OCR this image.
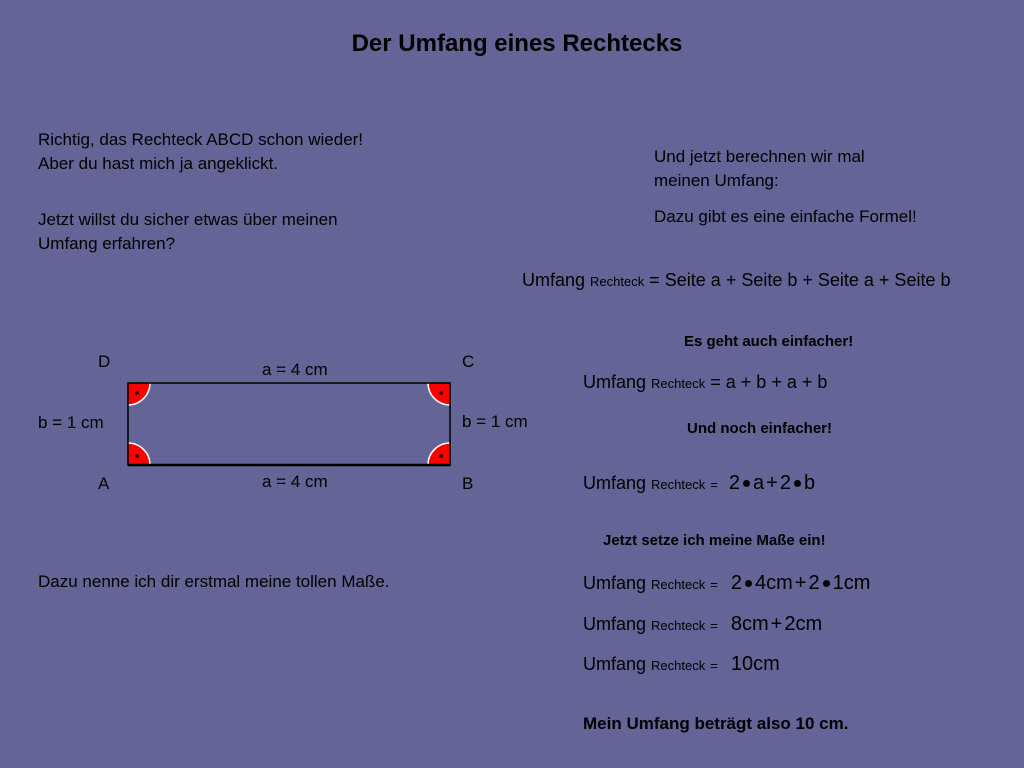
Der Umfang eines Rechtecks
Richtig, das Rechteck ABCD schon wieder!
Aber du hast mich ja angeklickt.
Jetzt willst du sicher etwas über meinen
Umfang erfahren?
Dazu nenne ich dir erstmal meine tollen Maße.
D	C
A	B
a = 4 cm
a = 4 cm
b = 1 cm	b = 1 cm
Und jetzt berechnen wir mal
meinen Umfang:
Dazu gibt es eine einfache Formel!
Umfang Rechteck = Seite a + Seite b + Seite a + Seite b
Es geht auch einfacher!
Umfang Rechteck = a + b + a + b
Und noch einfacher!
Umfang Rechteck = 2 a + 2 b
Jetzt setze ich meine Maße ein!
Umfang Rechteck = 2 4cm + 2 1cm
Umfang Rechteck = 8cm + 2cm
Umfang Rechteck = 10cm
Mein Umfang beträgt also 10 cm.
